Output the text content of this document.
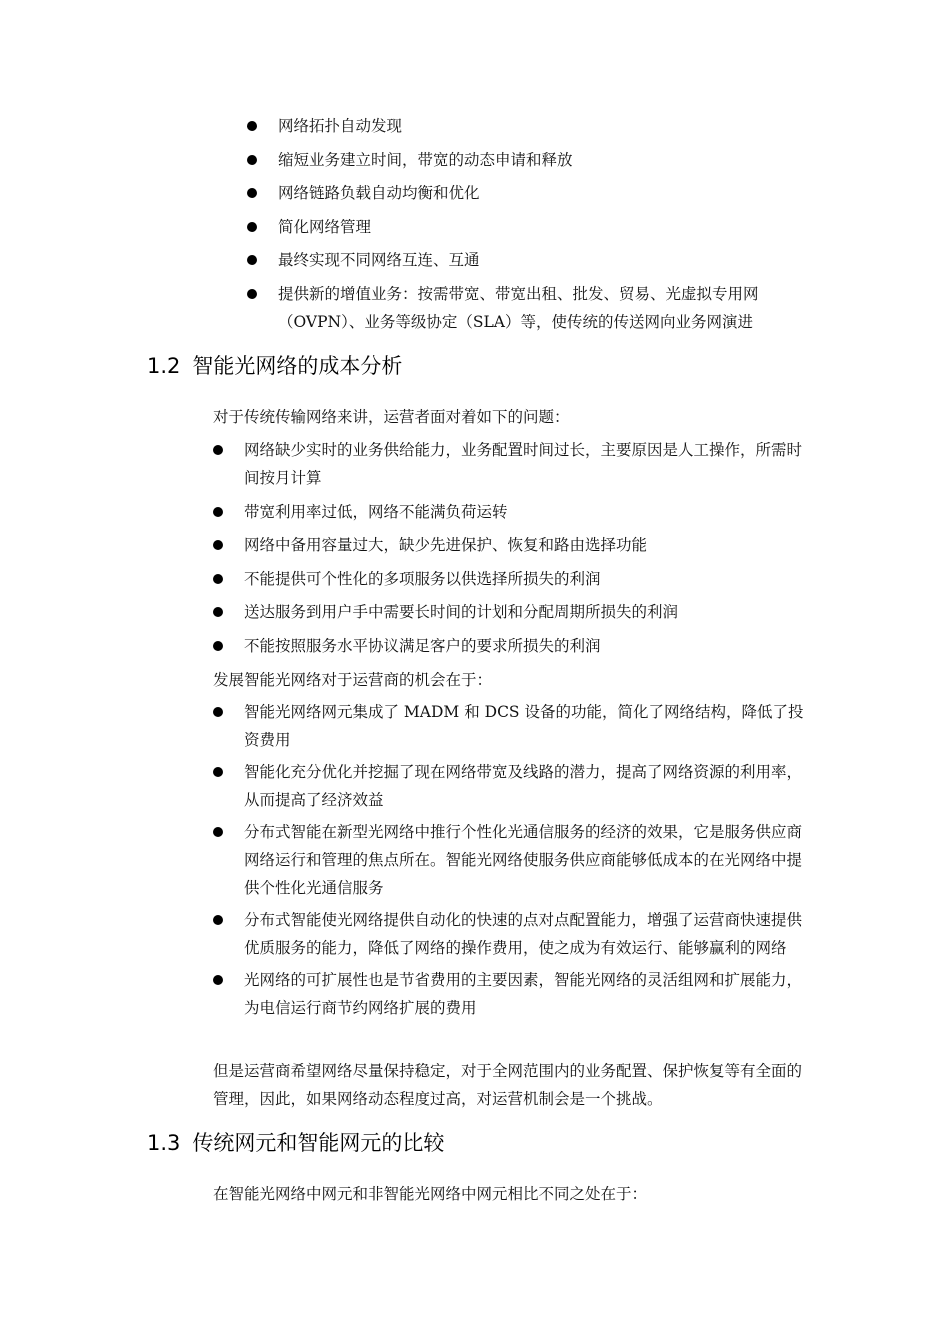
网络拓扑自动发现
缩短业务建立时间，带宽的动态申请和释放
网络链路负载自动均衡和优化
简化网络管理
最终实现不同网络互连、互通
提供新的增值业务：按需带宽、带宽出租、批发、贸易、光虚拟专用网（OVPN）、业务等级协定（SLA）等，使传统的传送网向业务网演进
1.2 智能光网络的成本分析

对于传统传输网络来讲，运营者面对着如下的问题：

网络缺少实时的业务供给能力，业务配置时间过长，主要原因是人工操作，所需时间按月计算
带宽利用率过低，网络不能满负荷运转
网络中备用容量过大，缺少先进保护、恢复和路由选择功能
不能提供可个性化的多项服务以供选择所损失的利润
送达服务到用户手中需要长时间的计划和分配周期所损失的利润
不能按照服务水平协议满足客户的要求所损失的利润

发展智能光网络对于运营商的机会在于：

智能光网络网元集成了 MADM 和 DCS 设备的功能，简化了网络结构，降低了投资费用
智能化充分优化并挖掘了现在网络带宽及线路的潜力，提高了网络资源的利用率，从而提高了经济效益
分布式智能在新型光网络中推行个性化光通信服务的经济的效果，它是服务供应商网络运行和管理的焦点所在。智能光网络使服务供应商能够低成本的在光网络中提供个性化光通信服务
分布式智能使光网络提供自动化的快速的点对点配置能力，增强了运营商快速提供优质服务的能力，降低了网络的操作费用，使之成为有效运行、能够赢利的网络
光网络的可扩展性也是节省费用的主要因素，智能光网络的灵活组网和扩展能力，为电信运行商节约网络扩展的费用

但是运营商希望网络尽量保持稳定，对于全网范围内的业务配置、保护恢复等有全面的管理，因此，如果网络动态程度过高，对运营机制会是一个挑战。

1.3 传统网元和智能网元的比较

在智能光网络中网元和非智能光网络中网元相比不同之处在于：
